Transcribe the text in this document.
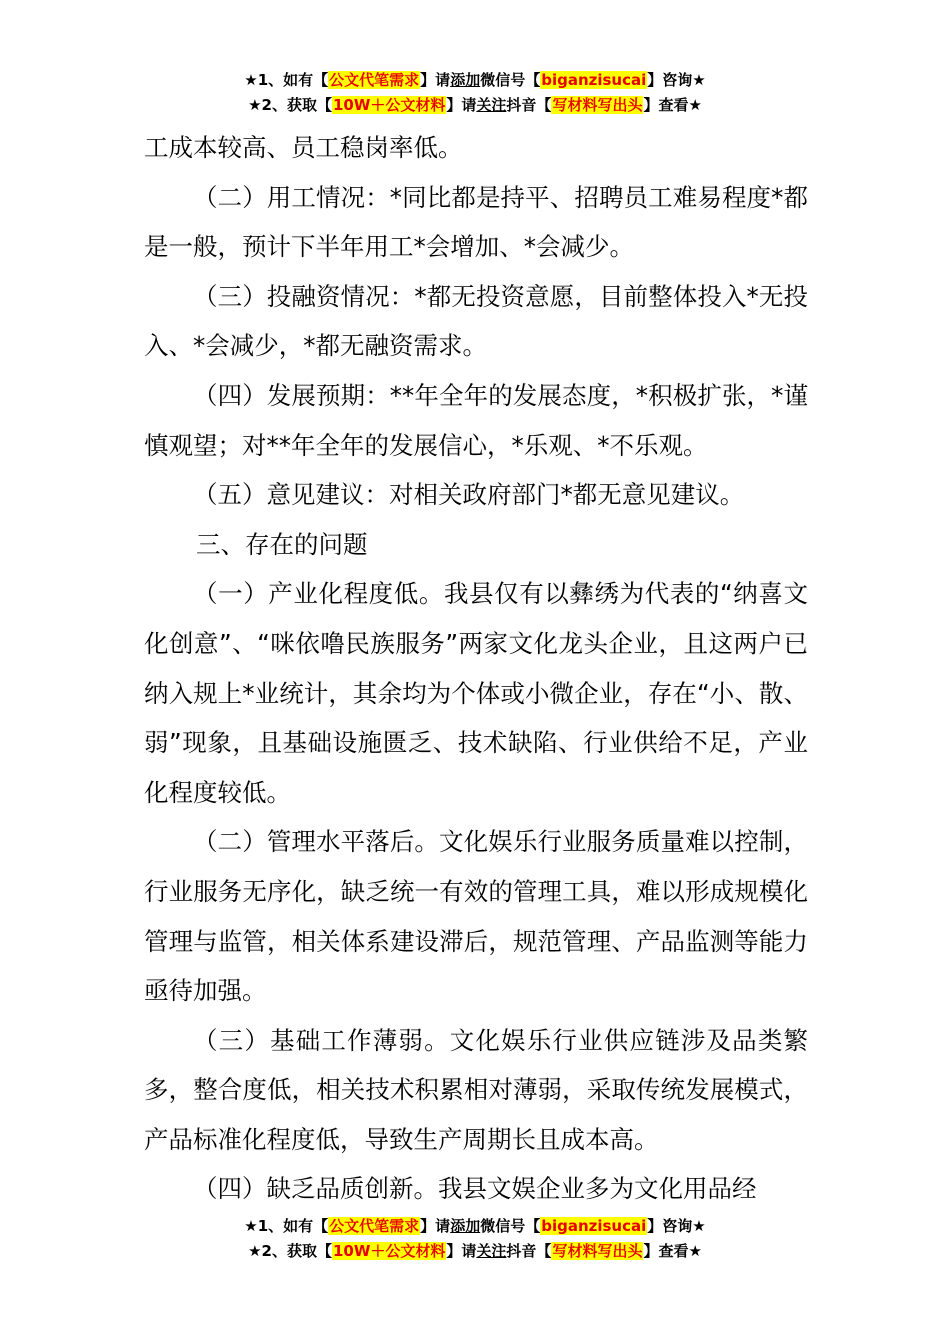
★1、如有【公文代笔需求】请添加微信号【biganzisucai】咨询★
★2、获取【10W＋公文材料】请关注抖音【写材料写出头】查看★

工成本较高、员工稳岗率低。

（二）用工情况：*同比都是持平、招聘员工难易程度*都是一般，预计下半年用工*会增加、*会减少。

（三）投融资情况：*都无投资意愿，目前整体投入*无投入、*会减少，*都无融资需求。

（四）发展预期：**年全年的发展态度，*积极扩张，*谨慎观望；对**年全年的发展信心，*乐观、*不乐观。

（五）意见建议：对相关政府部门*都无意见建议。

三、存在的问题

（一）产业化程度低。我县仅有以彝绣为代表的“纳喜文化创意”、“咪依噜民族服务”两家文化龙头企业，且这两户已纳入规上*业统计，其余均为个体或小微企业，存在“小、散、弱”现象，且基础设施匮乏、技术缺陷、行业供给不足，产业化程度较低。

（二）管理水平落后。文化娱乐行业服务质量难以控制，行业服务无序化，缺乏统一有效的管理工具，难以形成规模化管理与监管，相关体系建设滞后，规范管理、产品监测等能力亟待加强。

（三）基础工作薄弱。文化娱乐行业供应链涉及品类繁多，整合度低，相关技术积累相对薄弱，采取传统发展模式，产品标准化程度低，导致生产周期长且成本高。

（四）缺乏品质创新。我县文娱企业多为文化用品经

★1、如有【公文代笔需求】请添加微信号【biganzisucai】咨询★
★2、获取【10W＋公文材料】请关注抖音【写材料写出头】查看★
